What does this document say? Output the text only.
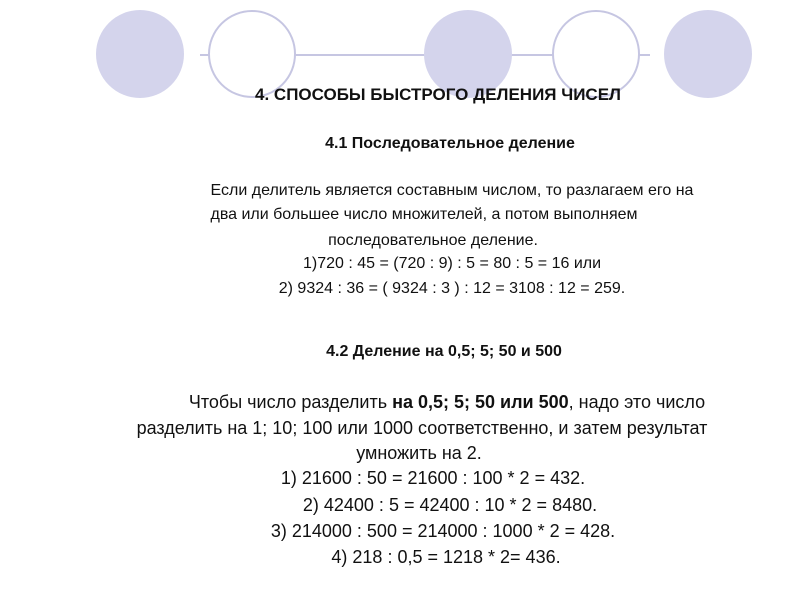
4. СПОСОБЫ БЫСТРОГО ДЕЛЕНИЯ ЧИСЕЛ
4.1 Последовательное деление
Если делитель является составным числом, то разлагаем его на
два или большее число множителей, а потом выполняем
последовательное деление.
1)720 : 45 = (720 : 9) : 5 = 80 : 5 = 16 или
2) 9324 : 36 = ( 9324 : 3 ) : 12 = 3108 : 12 = 259.
4.2 Деление на 0,5; 5; 50 и 500
Чтобы число разделить на 0,5; 5; 50 или 500, надо это число
разделить на 1; 10; 100 или 1000 соответственно, и затем результат
умножить на 2.
1) 21600 : 50 = 21600 : 100 * 2 = 432.
2) 42400 : 5 = 42400 : 10 * 2 = 8480.
3) 214000 : 500 = 214000 : 1000 * 2 = 428.
4) 218 : 0,5 = 1218 * 2= 436.
